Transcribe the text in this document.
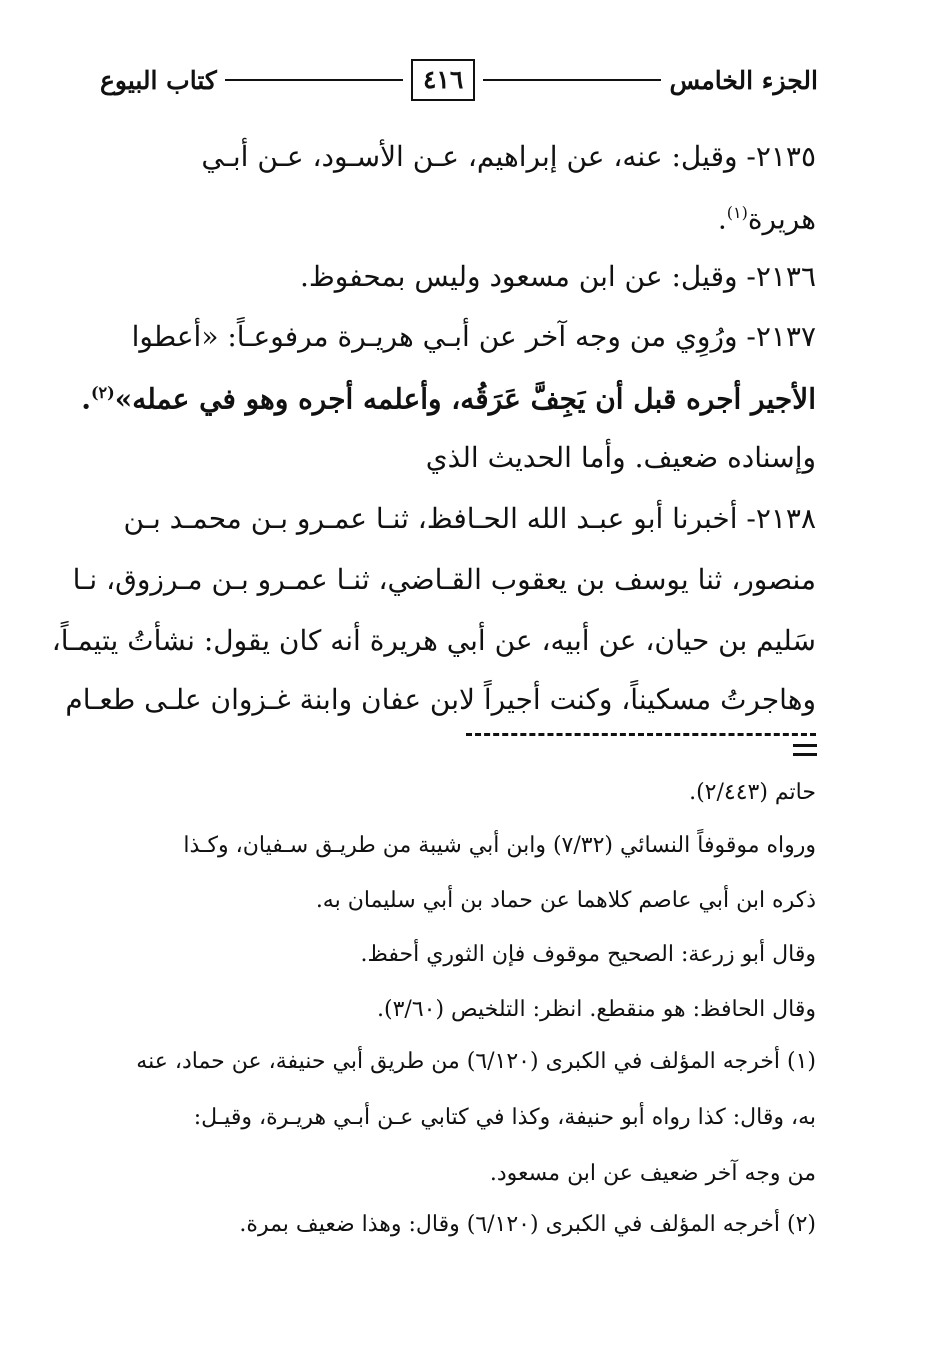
الجزء الخامس
٤١٦
كتاب البيوع
٢١٣٥- وقيل: عنه، عن إبراهيم، عـن الأسـود، عـن أبـي
هريرة$^{(١)}$.
٢١٣٦- وقيل: عن ابن مسعود وليس بمحفوظ.
٢١٣٧- ورُوِي من وجه آخر عن أبـي هريـرة مرفوعـاً: «أعطوا
الأجير أجره قبل أن يَجِفَّ عَرَقُه، وأعلمه أجره وهو في عمله»$^{(٢)}$.
وإسناده ضعيف. وأما الحديث الذي
٢١٣٨- أخبرنا أبو عبـد الله الحـافظ، ثنـا عمـرو بـن محمـد بـن
منصور، ثنا يوسف بن يعقوب القـاضي، ثنـا عمـرو بـن مـرزوق، نـا
سَليم بن حيان، عن أبيه، عن أبي هريرة أنه كان يقول: نشأتُ يتيمـاً،
وهاجرتُ مسكيناً، وكنت أجيراً لابن عفان وابنة غـزوان علـى طعـام
حاتم (٢/٤٤٣).
ورواه موقوفاً النسائي (٧/٣٢) وابن أبي شيبة من طريـق سـفيان، وكـذا
ذكره ابن أبي عاصم كلاهما عن حماد بن أبي سليمان به.
وقال أبو زرعة: الصحيح موقوف فإن الثوري أحفظ.
وقال الحافظ: هو منقطع. انظر: التلخيص (٣/٦٠).
(١) أخرجه المؤلف في الكبرى (٦/١٢٠) من طريق أبي حنيفة، عن حماد، عنه
به، وقال: كذا رواه أبو حنيفة، وكذا في كتابي عـن أبـي هريـرة، وقيـل:
من وجه آخر ضعيف عن ابن مسعود.
(٢) أخرجه المؤلف في الكبرى (٦/١٢٠) وقال: وهذا ضعيف بمرة.
